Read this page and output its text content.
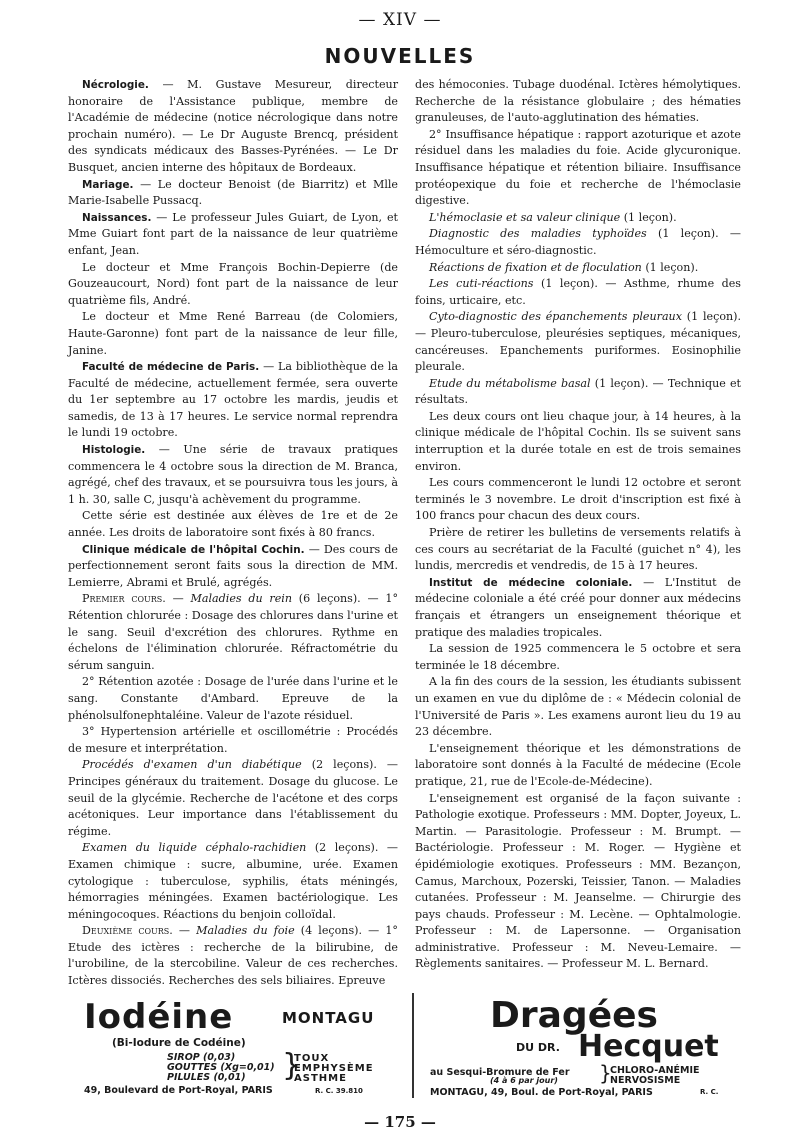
— XIV —
NOUVELLES

Nécrologie. — M. Gustave Mesureur, directeur honoraire de l'Assistance publique, membre de l'Académie de médecine (notice nécrologique dans notre prochain numéro). — Le Dr Auguste Brencq, président des syndicats médicaux des Basses-Pyrénées. — Le Dr Busquet, ancien interne des hôpitaux de Bordeaux.

Mariage. — Le docteur Benoist (de Biarritz) et Mlle Marie-Isabelle Pussacq.

Naissances. — Le professeur Jules Guiart, de Lyon, et Mme Guiart font part de la naissance de leur quatrième enfant, Jean.

Le docteur et Mme François Bochin-Depierre (de Gouzeaucourt, Nord) font part de la naissance de leur quatrième fils, André.

Le docteur et Mme René Barreau (de Colomiers, Haute-Garonne) font part de la naissance de leur fille, Janine.

Faculté de médecine de Paris. — La bibliothèque de la Faculté de médecine, actuellement fermée, sera ouverte du 1er septembre au 17 octobre les mardis, jeudis et samedis, de 13 à 17 heures. Le service normal reprendra le lundi 19 octobre.

Histologie. — Une série de travaux pratiques commencera le 4 octobre sous la direction de M. Branca, agrégé, chef des travaux, et se poursuivra tous les jours, à 1 h. 30, salle C, jusqu'à achèvement du programme.

Cette série est destinée aux élèves de 1re et de 2e année. Les droits de laboratoire sont fixés à 80 francs.

Clinique médicale de l'hôpital Cochin. — Des cours de perfectionnement seront faits sous la direction de MM. Lemierre, Abrami et Brulé, agrégés.

Premier cours. — Maladies du rein (6 leçons). — 1° Rétention chlorurée : Dosage des chlorures dans l'urine et le sang. Seuil d'excrétion des chlorures. Rythme en échelons de l'élimination chlorurée. Réfractométrie du sérum sanguin.

2° Rétention azotée : Dosage de l'urée dans l'urine et le sang. Constante d'Ambard. Epreuve de la phénolsulfonephtaléine. Valeur de l'azote résiduel.

3° Hypertension artérielle et oscillométrie : Procédés de mesure et interprétation.

Procédés d'examen d'un diabétique (2 leçons). — Principes généraux du traitement. Dosage du glucose. Le seuil de la glycémie. Recherche de l'acétone et des corps acétoniques. Leur importance dans l'établissement du régime.

Examen du liquide céphalo-rachidien (2 leçons). — Examen chimique : sucre, albumine, urée. Examen cytologique : tuberculose, syphilis, états méningés, hémorragies méningées. Examen bactériologique. Les méningocoques. Réactions du benjoin colloïdal.

Deuxième cours. — Maladies du foie (4 leçons). — 1° Etude des ictères : recherche de la bilirubine, de l'urobiline, de la stercobiline. Valeur de ces recherches. Ictères dissociés. Recherches des sels biliaires. Epreuve

des hémoconies. Tubage duodénal. Ictères hémolytiques. Recherche de la résistance globulaire ; des hématies granuleuses, de l'auto-agglutination des hématies.

2° Insuffisance hépatique : rapport azoturique et azote résiduel dans les maladies du foie. Acide glycuronique. Insuffisance hépatique et rétention biliaire. Insuffisance protéopexique du foie et recherche de l'hémoclasie digestive.

L'hémoclasie et sa valeur clinique (1 leçon).

Diagnostic des maladies typhoïdes (1 leçon). — Hémoculture et séro-diagnostic.

Réactions de fixation et de floculation (1 leçon).

Les cuti-réactions (1 leçon). — Asthme, rhume des foins, urticaire, etc.

Cyto-diagnostic des épanchements pleuraux (1 leçon). — Pleuro-tuberculose, pleurésies septiques, mécaniques, cancéreuses. Epanchements puriformes. Eosinophilie pleurale.

Etude du métabolisme basal (1 leçon). — Technique et résultats.

Les deux cours ont lieu chaque jour, à 14 heures, à la clinique médicale de l'hôpital Cochin. Ils se suivent sans interruption et la durée totale en est de trois semaines environ.

Les cours commenceront le lundi 12 octobre et seront terminés le 3 novembre. Le droit d'inscription est fixé à 100 francs pour chacun des deux cours.

Prière de retirer les bulletins de versements relatifs à ces cours au secrétariat de la Faculté (guichet n° 4), les lundis, mercredis et vendredis, de 15 à 17 heures.

Institut de médecine coloniale. — L'Institut de médecine coloniale a été créé pour donner aux médecins français et étrangers un enseignement théorique et pratique des maladies tropicales.

La session de 1925 commencera le 5 octobre et sera terminée le 18 décembre.

A la fin des cours de la session, les étudiants subissent un examen en vue du diplôme de : « Médecin colonial de l'Université de Paris ». Les examens auront lieu du 19 au 23 décembre.

L'enseignement théorique et les démonstrations de laboratoire sont donnés à la Faculté de médecine (Ecole pratique, 21, rue de l'Ecole-de-Médecine).

L'enseignement est organisé de la façon suivante : Pathologie exotique. Professeurs : MM. Dopter, Joyeux, L. Martin. — Parasitologie. Professeur : M. Brumpt. — Bactériologie. Professeur : M. Roger. — Hygiène et épidémiologie exotiques. Professeurs : MM. Bezançon, Camus, Marchoux, Pozerski, Teissier, Tanon. — Maladies cutanées. Professeur : M. Jeanselme. — Chirurgie des pays chauds. Professeur : M. Lecène. — Ophtalmologie. Professeur : M. de Lapersonne. — Organisation administrative. Professeur : M. Neveu-Lemaire. — Règlements sanitaires. — Professeur M. L. Bernard.

Iodéine	MONTAGU
(Bi-Iodure de Codéine)
SIROP (0,03)
GOUTTES (Xg=0,01)
PILULES (0,01)	}
TOUX
EMPHYSÈME
ASTHME
49, Boulevard de Port-Royal, PARIS	R. C. 39.810
Dragées
DU DR. Hecquet
au Sesqui-Bromure de Fer
(4 à 6 par jour) }
CHLORO-ANÉMIE
NERVOSISME
MONTAGU, 49, Boul. de Port-Royal, PARIS	R. C.
— 175 —
